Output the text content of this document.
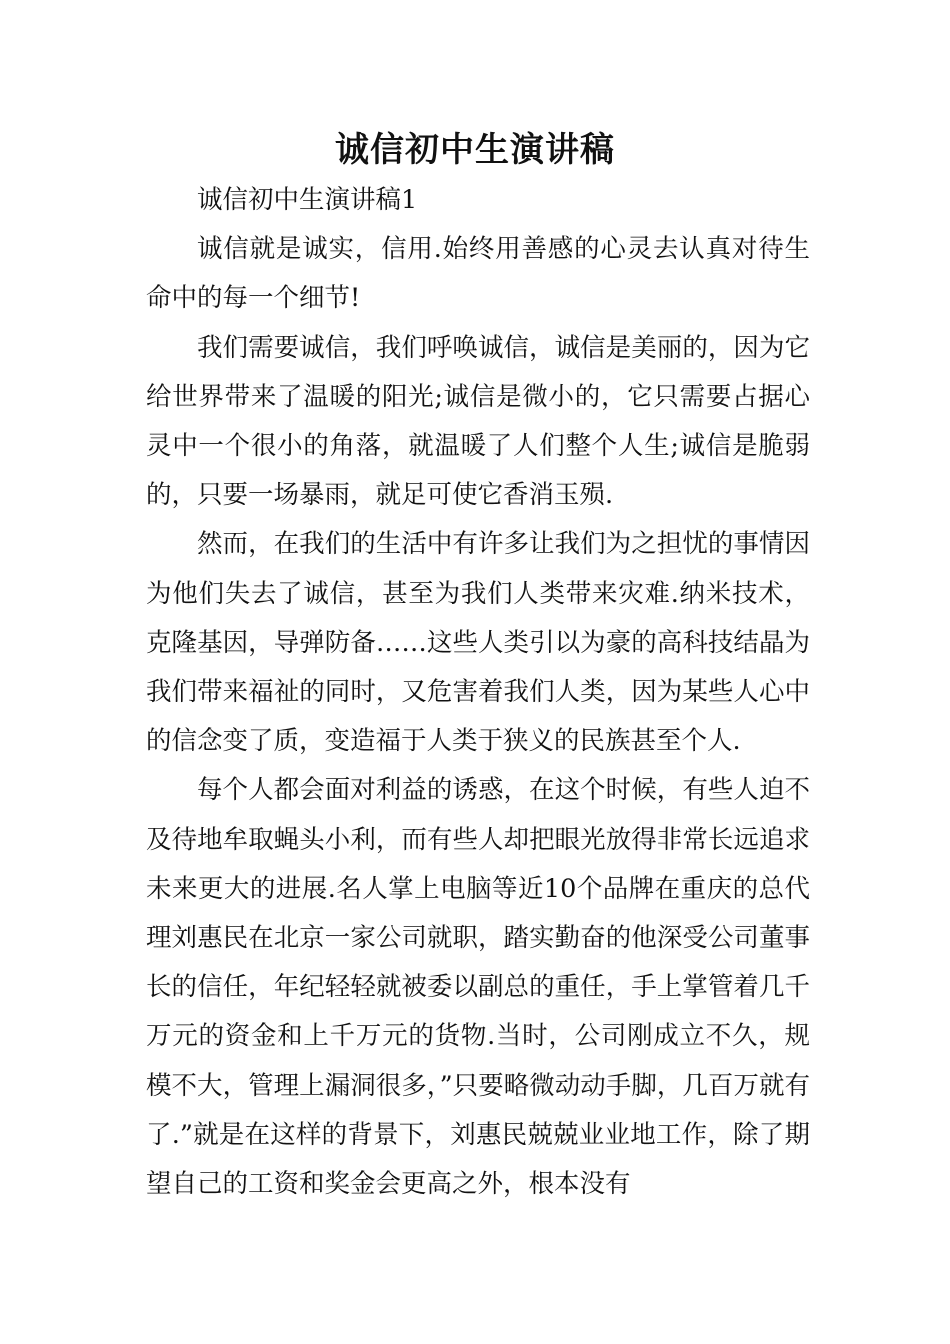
诚信初中生演讲稿

诚信初中生演讲稿1

诚信就是诚实，信用.始终用善感的心灵去认真对待生命中的每一个细节!

我们需要诚信，我们呼唤诚信，诚信是美丽的，因为它给世界带来了温暖的阳光;诚信是微小的，它只需要占据心灵中一个很小的角落，就温暖了人们整个人生;诚信是脆弱的，只要一场暴雨，就足可使它香消玉殒.

然而，在我们的生活中有许多让我们为之担忧的事情因为他们失去了诚信，甚至为我们人类带来灾难.纳米技术，克隆基因，导弹防备……这些人类引以为豪的高科技结晶为我们带来福祉的同时，又危害着我们人类，因为某些人心中的信念变了质，变造福于人类于狭义的民族甚至个人.

每个人都会面对利益的诱惑，在这个时候，有些人迫不及待地牟取蝇头小利，而有些人却把眼光放得非常长远追求未来更大的进展.名人掌上电脑等近10个品牌在重庆的总代理刘惠民在北京一家公司就职，踏实勤奋的他深受公司董事长的信任，年纪轻轻就被委以副总的重任，手上掌管着几千万元的资金和上千万元的货物.当时，公司刚成立不久，规模不大，管理上漏洞很多，”只要略微动动手脚，几百万就有了.”就是在这样的背景下，刘惠民兢兢业业地工作，除了期望自己的工资和奖金会更高之外，根本没有
